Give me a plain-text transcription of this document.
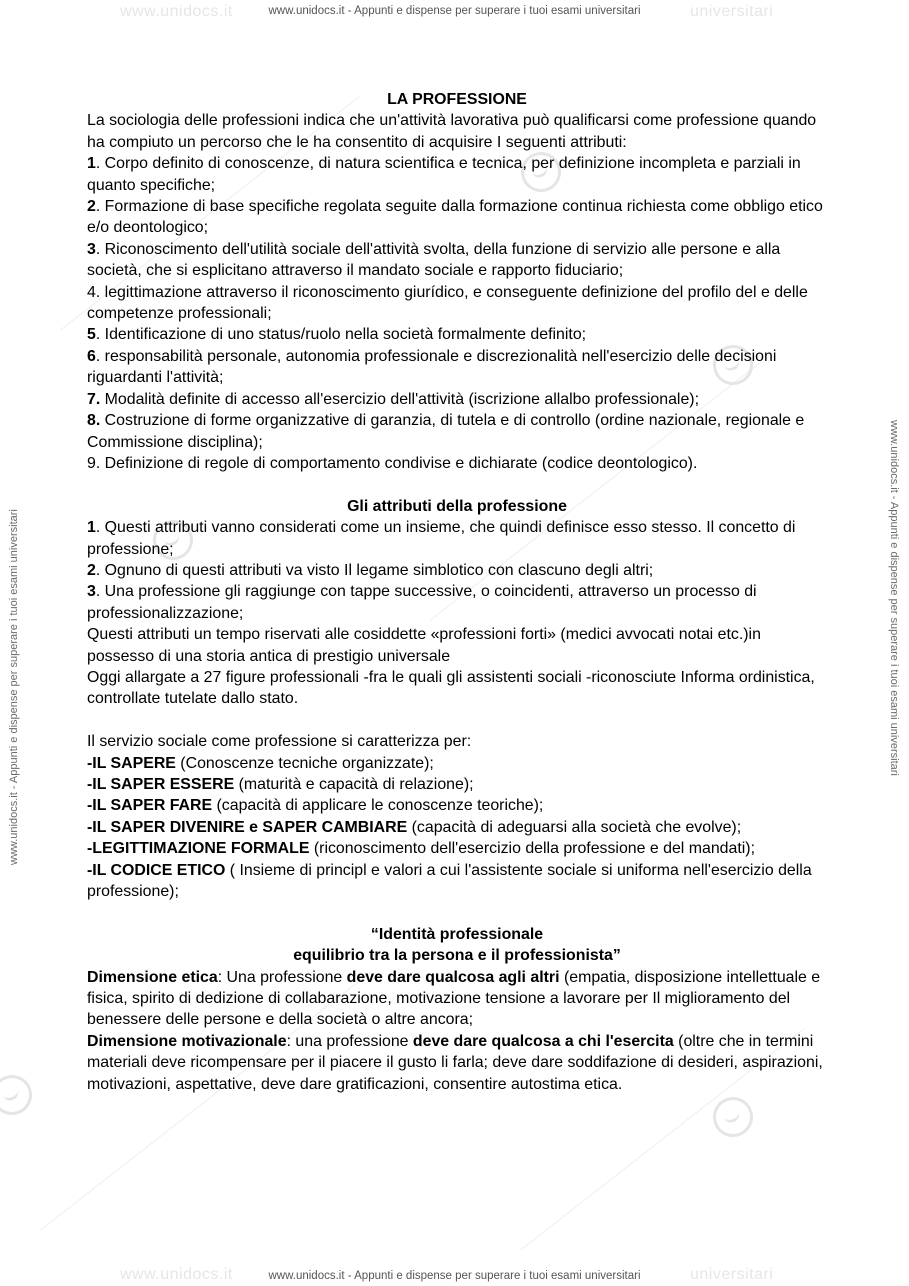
www.unidocs.it	universitari
www.unidocs.it - Appunti e dispense per superare i tuoi esami universitari
www.unidocs.it	universitari
www.unidocs.it - Appunti e dispense per superare i tuoi esami universitari
www.unidocs.it - Appunti e dispense per superare i tuoi esami universitari	www.unidocs.it - Appunti e dispense per superare i tuoi esami universitari

LA PROFESSIONE

La sociologia delle professioni indica che un'attività lavorativa può qualificarsi come professione quando ha compiuto un percorso che le ha consentito di acquisire I seguenti attributi:

1. Corpo definito di conoscenze, di natura scientifica e tecnica, per definizione incompleta e parziali in quanto specifiche;

2. Formazione di base specifiche regolata seguite dalla formazione continua richiesta come obbligo etico e/o deontologico;

3. Riconoscimento dell'utilità sociale dell'attività svolta, della funzione di servizio alle persone e alla società, che si esplicitano attraverso il mandato sociale e rapporto fiduciario;

4. legittimazione attraverso il riconoscimento giurídico, e conseguente definizione del profilo del e delle competenze professionali;

5. Identificazione di uno status/ruolo nella società formalmente definito;

6. responsabilità personale, autonomia professionale e discrezionalità nell'esercizio delle decisioni riguardanti l'attività;

7. Modalità definite di accesso all'esercizio dell'attività (iscrizione allalbo professionale);

8. Costruzione di forme organizzative di garanzia, di tutela e di controllo (ordine nazionale, regionale e Commissione disciplina);

9. Definizione di regole di comportamento condivise e dichiarate (codice deontologico).

Gli attributi della professione

1. Questi attributi vanno considerati come un insieme, che quindi definisce esso stesso. Il concetto di professione;

2. Ognuno di questi attributi va visto Il legame simblotico con clascuno degli altri;

3. Una professione gli raggiunge con tappe successive, o coincidenti, attraverso un processo di professionalizzazione;

Questi attributi un tempo riservati alle cosiddette «professioni forti» (medici avvocati notai etc.)in possesso di una storia antica di prestigio universale

Oggi allargate a 27 figure professionali -fra le quali gli assistenti sociali -riconosciute Informa ordinistica, controllate tutelate dallo stato.

Il servizio sociale come professione si caratterizza per:

-IL SAPERE (Conoscenze tecniche organizzate);

-IL SAPER ESSERE (maturità e capacità di relazione);

-IL SAPER FARE (capacità di applicare le conoscenze teoriche);

-IL SAPER DIVENIRE e SAPER CAMBIARE (capacità di adeguarsi alla società che evolve);

-LEGITTIMAZIONE FORMALE (riconoscimento dell'esercizio della professione e del mandati);

-IL CODICE ETICO ( Insieme di principl e valori a cui l'assistente sociale si uniforma nell'esercizio della professione);

“Identità professionale

equilibrio tra la persona e il professionista”

Dimensione etica: Una professione deve dare qualcosa agli altri (empatia, disposizione intellettuale e fisica, spirito di dedizione di collabarazione, motivazione tensione a lavorare per Il miglioramento del benessere delle persone e della società o altre ancora;

Dimensione motivazionale: una professione deve dare qualcosa a chi l'esercita (oltre che in termini materiali deve ricompensare per il piacere il gusto li farla; deve dare soddifazione di desideri, aspirazioni, motivazioni, aspettative, deve dare gratificazioni, consentire autostima etica.
